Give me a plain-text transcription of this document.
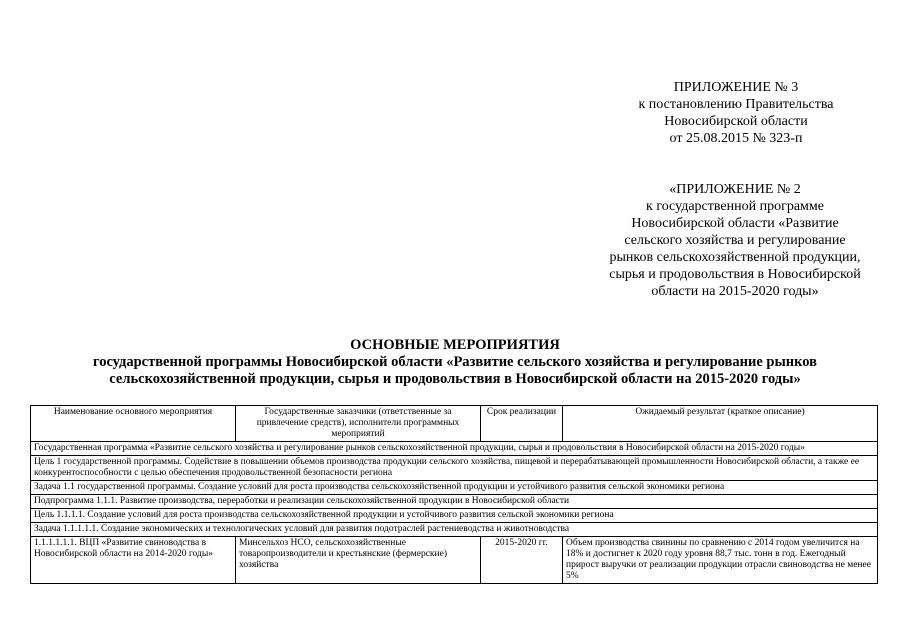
ПРИЛОЖЕНИЕ № 3
к постановлению Правительства
Новосибирской области
от 25.08.2015 № 323-п
«ПРИЛОЖЕНИЕ № 2
к государственной программе
Новосибирской области «Развитие
сельского хозяйства и регулирование
рынков сельскохозяйственной продукции,
сырья и продовольствия в Новосибирской
области на 2015-2020 годы»
ОСНОВНЫЕ МЕРОПРИЯТИЯ
государственной программы Новосибирской области «Развитие сельского хозяйства и регулирование рынков
сельскохозяйственной продукции, сырья и продовольствия в Новосибирской области на 2015-2020 годы»
Наименование основного мероприятия	Государственные заказчики (ответственные за привлечение средств), исполнители программных мероприятий	Срок реализации	Ожидаемый результат (краткое описание)
Государственная программа «Развитие сельского хозяйства и регулирование рынков сельскохозяйственной продукции, сырья и продовольствия в Новосибирской области на 2015-2020 годы»			
Цель 1 государственной программы. Содействие в повышении объемов производства продукции сельского хозяйства, пищевой и перерабатывающей промышленности Новосибирской области, а также ее конкурентоспособности с целью обеспечения продовольственной безопасности региона			
Задача 1.1 государственной программы. Создание условий для роста производства сельскохозяйственной продукции и устойчивого развития сельской экономики региона			
Подпрограмма 1.1.1. Развитие производства, переработки и реализации сельскохозяйственной продукции в Новосибирской области			
Цель 1.1.1.1. Создание условий для роста производства сельскохозяйственной продукции и устойчивого развития сельской экономики региона			
Задача 1.1.1.1.1. Создание экономических и технологических условий для развития подотраслей растениеводства и животноводства			
1.1.1.1.1.1. ВЦП «Развитие свиноводства в Новосибирской области на 2014-2020 годы»	Минсельхоз НСО, сельскохозяйственные товаропроизводители и крестьянские (фермерские) хозяйства	2015-2020 гг.	Объем производства свинины по сравнению с 2014 годом увеличится на 18% и достигнет к 2020 году уровня 88,7 тыс. тонн в год. Ежегодный прирост выручки от реализации продукции отрасли свиноводства не менее 5%
